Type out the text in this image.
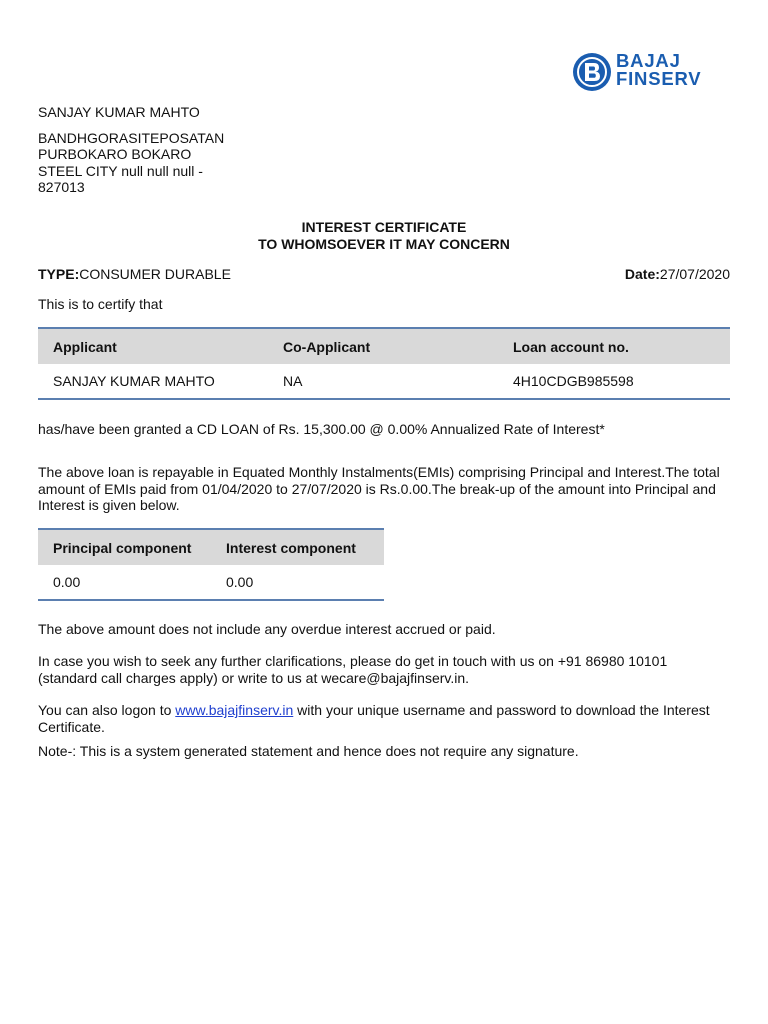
BAJAJ
FINSERV
SANJAY KUMAR MAHTO
BANDHGORASITEPOSATAN
PURBOKARO BOKARO
STEEL CITY null null null -
827013
INTEREST CERTIFICATE
TO WHOMSOEVER IT MAY CONCERN
TYPE:CONSUMER DURABLE	Date:27/07/2020
This is to certify that
Applicant	Co-Applicant	Loan account no.
SANJAY KUMAR MAHTO	NA	4H10CDGB985598
has/have been granted a CD LOAN of Rs. 15,300.00 @ 0.00% Annualized Rate of Interest*
The above loan is repayable in Equated Monthly Instalments(EMIs) comprising Principal and Interest.The total amount of EMIs paid from 01/04/2020 to 27/07/2020 is Rs.0.00.The break-up of the amount into Principal and Interest is given below.
Principal component	Interest component
0.00	0.00
The above amount does not include any overdue interest accrued or paid.
In case you wish to seek any further clarifications, please do get in touch with us on +91 86980 10101 (standard call charges apply) or write to us at wecare@bajajfinserv.in.
You can also logon to www.bajajfinserv.in with your unique username and password to download the Interest Certificate.
Note-: This is a system generated statement and hence does not require any signature.
